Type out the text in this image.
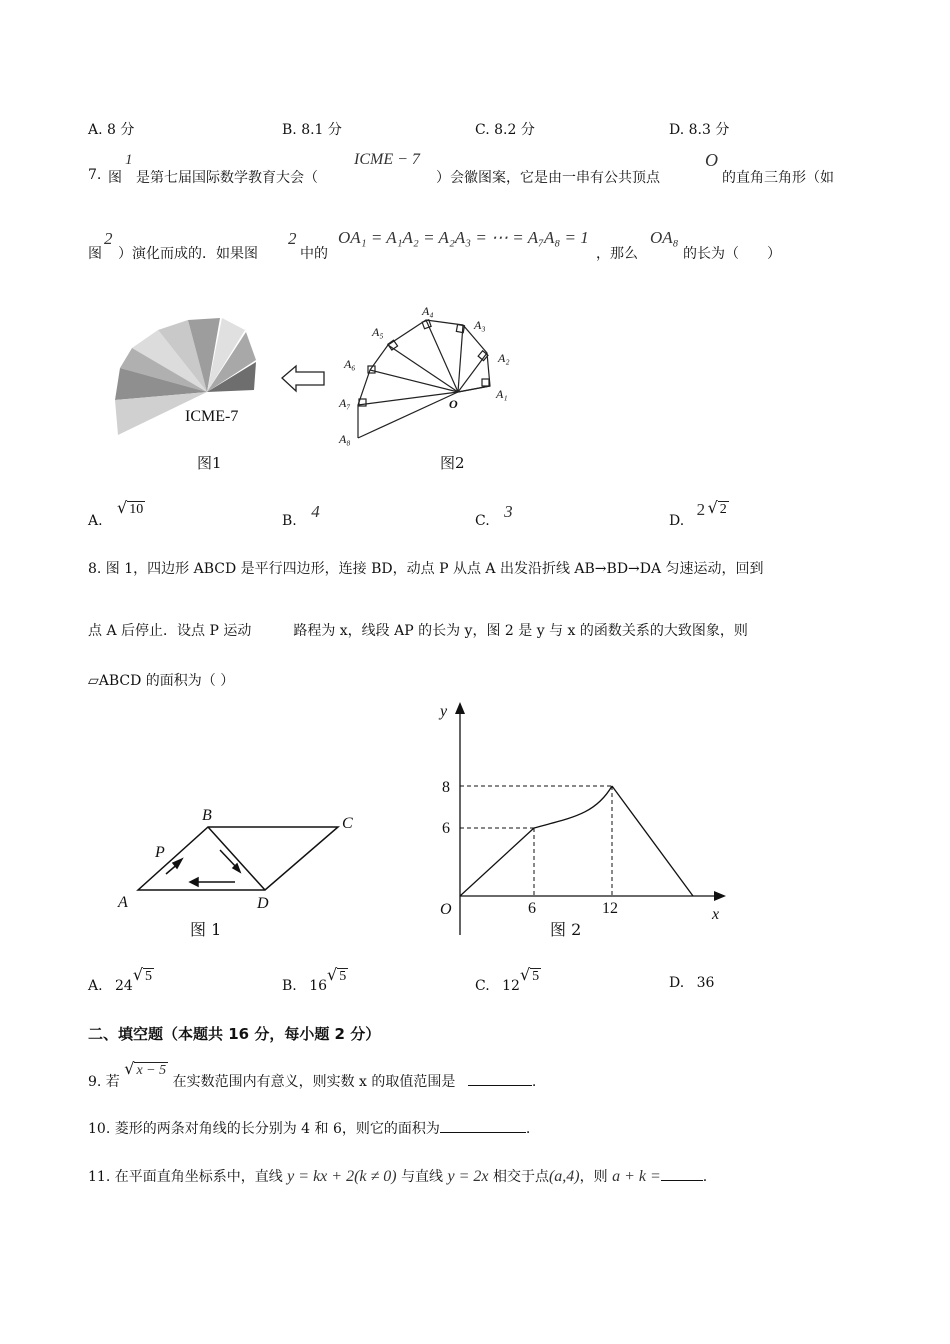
A. 8 分	B. 8.1 分	C. 8.2 分	D. 8.3 分
7. 图
1
是第七届国际数学教育大会（
ICME − 7
）会徽图案，它是由一串有公共顶点
O
的直角三角形（如
图
2
）演化而成的．如果图
2
中的
OA₁ = A₁A₂ = A₂A₃ = ⋯ = A₇A₈ = 1
，那么
OA₈
的长为（　　）
ICME-7
图1
A₁
A₂
A₃
A₄
A₅
A₆
A₇
A₈
O
图2
A. √ 10
B. 4	C. 3	D. 2 √ 2
8. 图 1，四边形 ABCD 是平行四边形，连接 BD，动点 P 从点 A 出发沿折线 AB→BD→DA 匀速运动，回到
点 A 后停止．设点 P 运动　　　路程为 x，线段 AP 的长为 y，图 2 是 y 与 x 的函数关系的大致图象，则
▱ABCD 的面积为（ ）
A
B	C
D
P
图 1
y
x
O	6	12
6
8
图 2
A. 24√ 5
B. 16√ 5
C. 12√ 5	D. 36
二、填空题（本题共 16 分，每小题 2 分）
9. 若 √ x − 5 在实数范围内有意义，则实数 x 的取值范围是	.
10. 菱形的两条对角线的长分别为 4 和 6，则它的面积为	.
11. 在平面直角坐标系中，直线 y = kx + 2(k ≠ 0) 与直线 y = 2x 相交于点(a,4)，则 a + k =	.
